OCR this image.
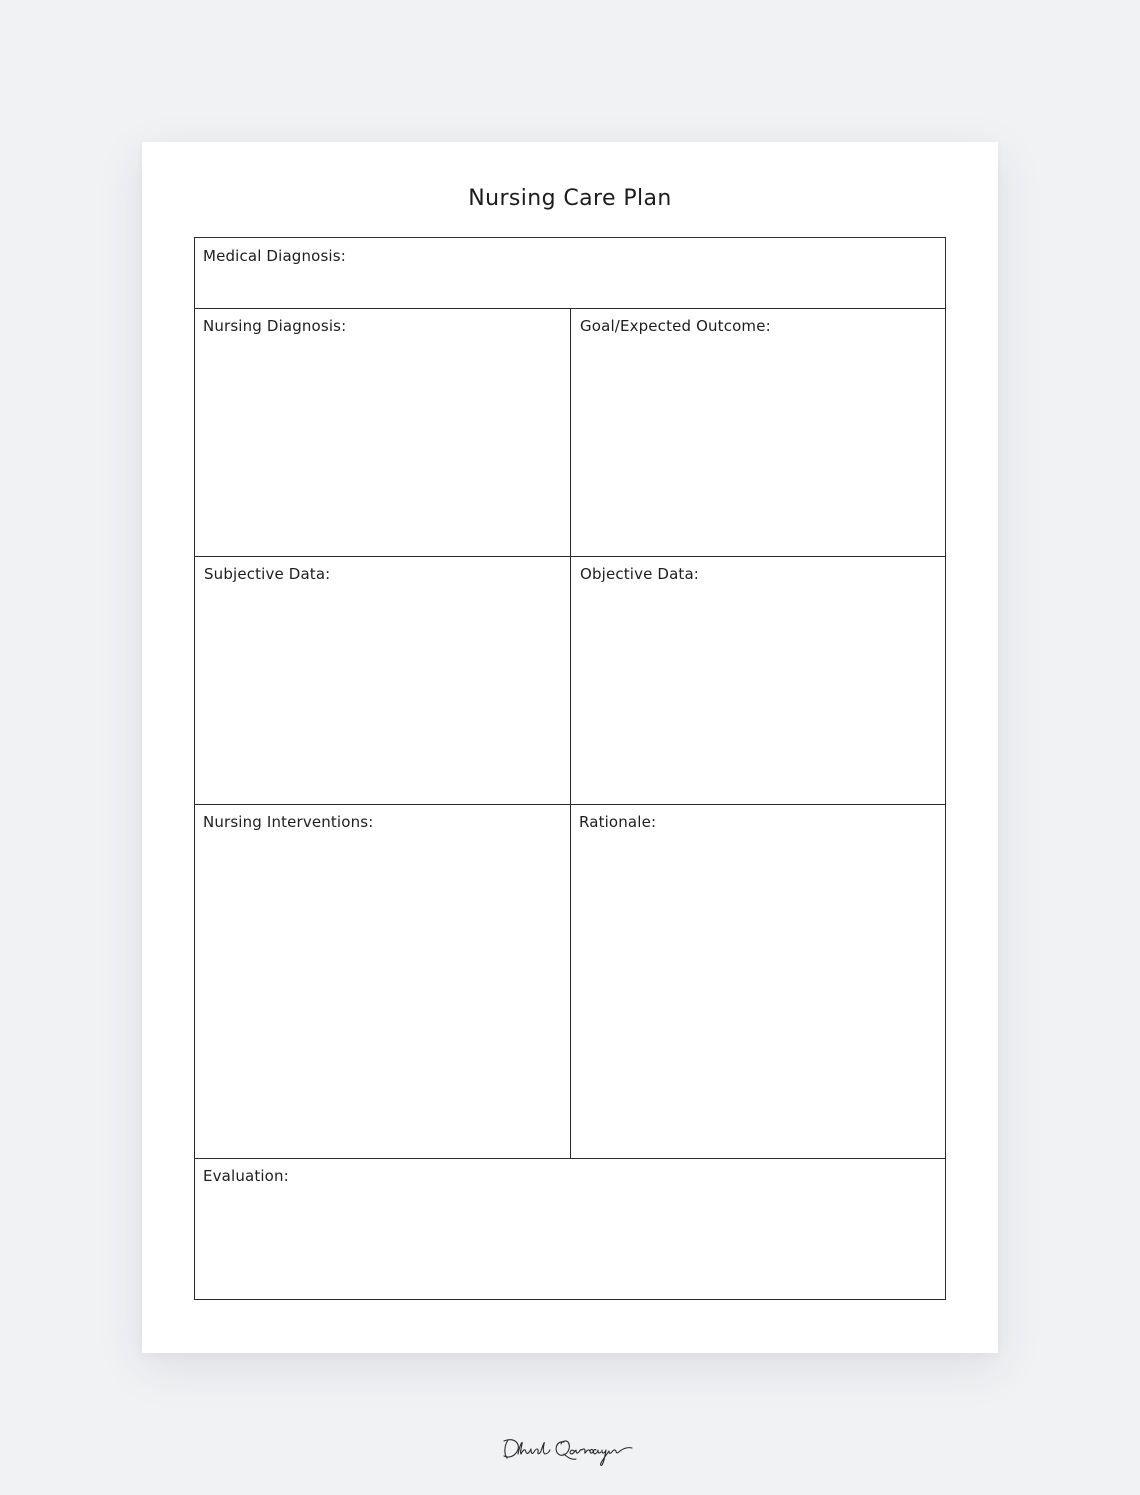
Nursing Care Plan
Medical Diagnosis:
Nursing Diagnosis:	Goal/Expected Outcome:
Subjective Data:	Objective Data:
Nursing Interventions:	Rationale:
Evaluation:
